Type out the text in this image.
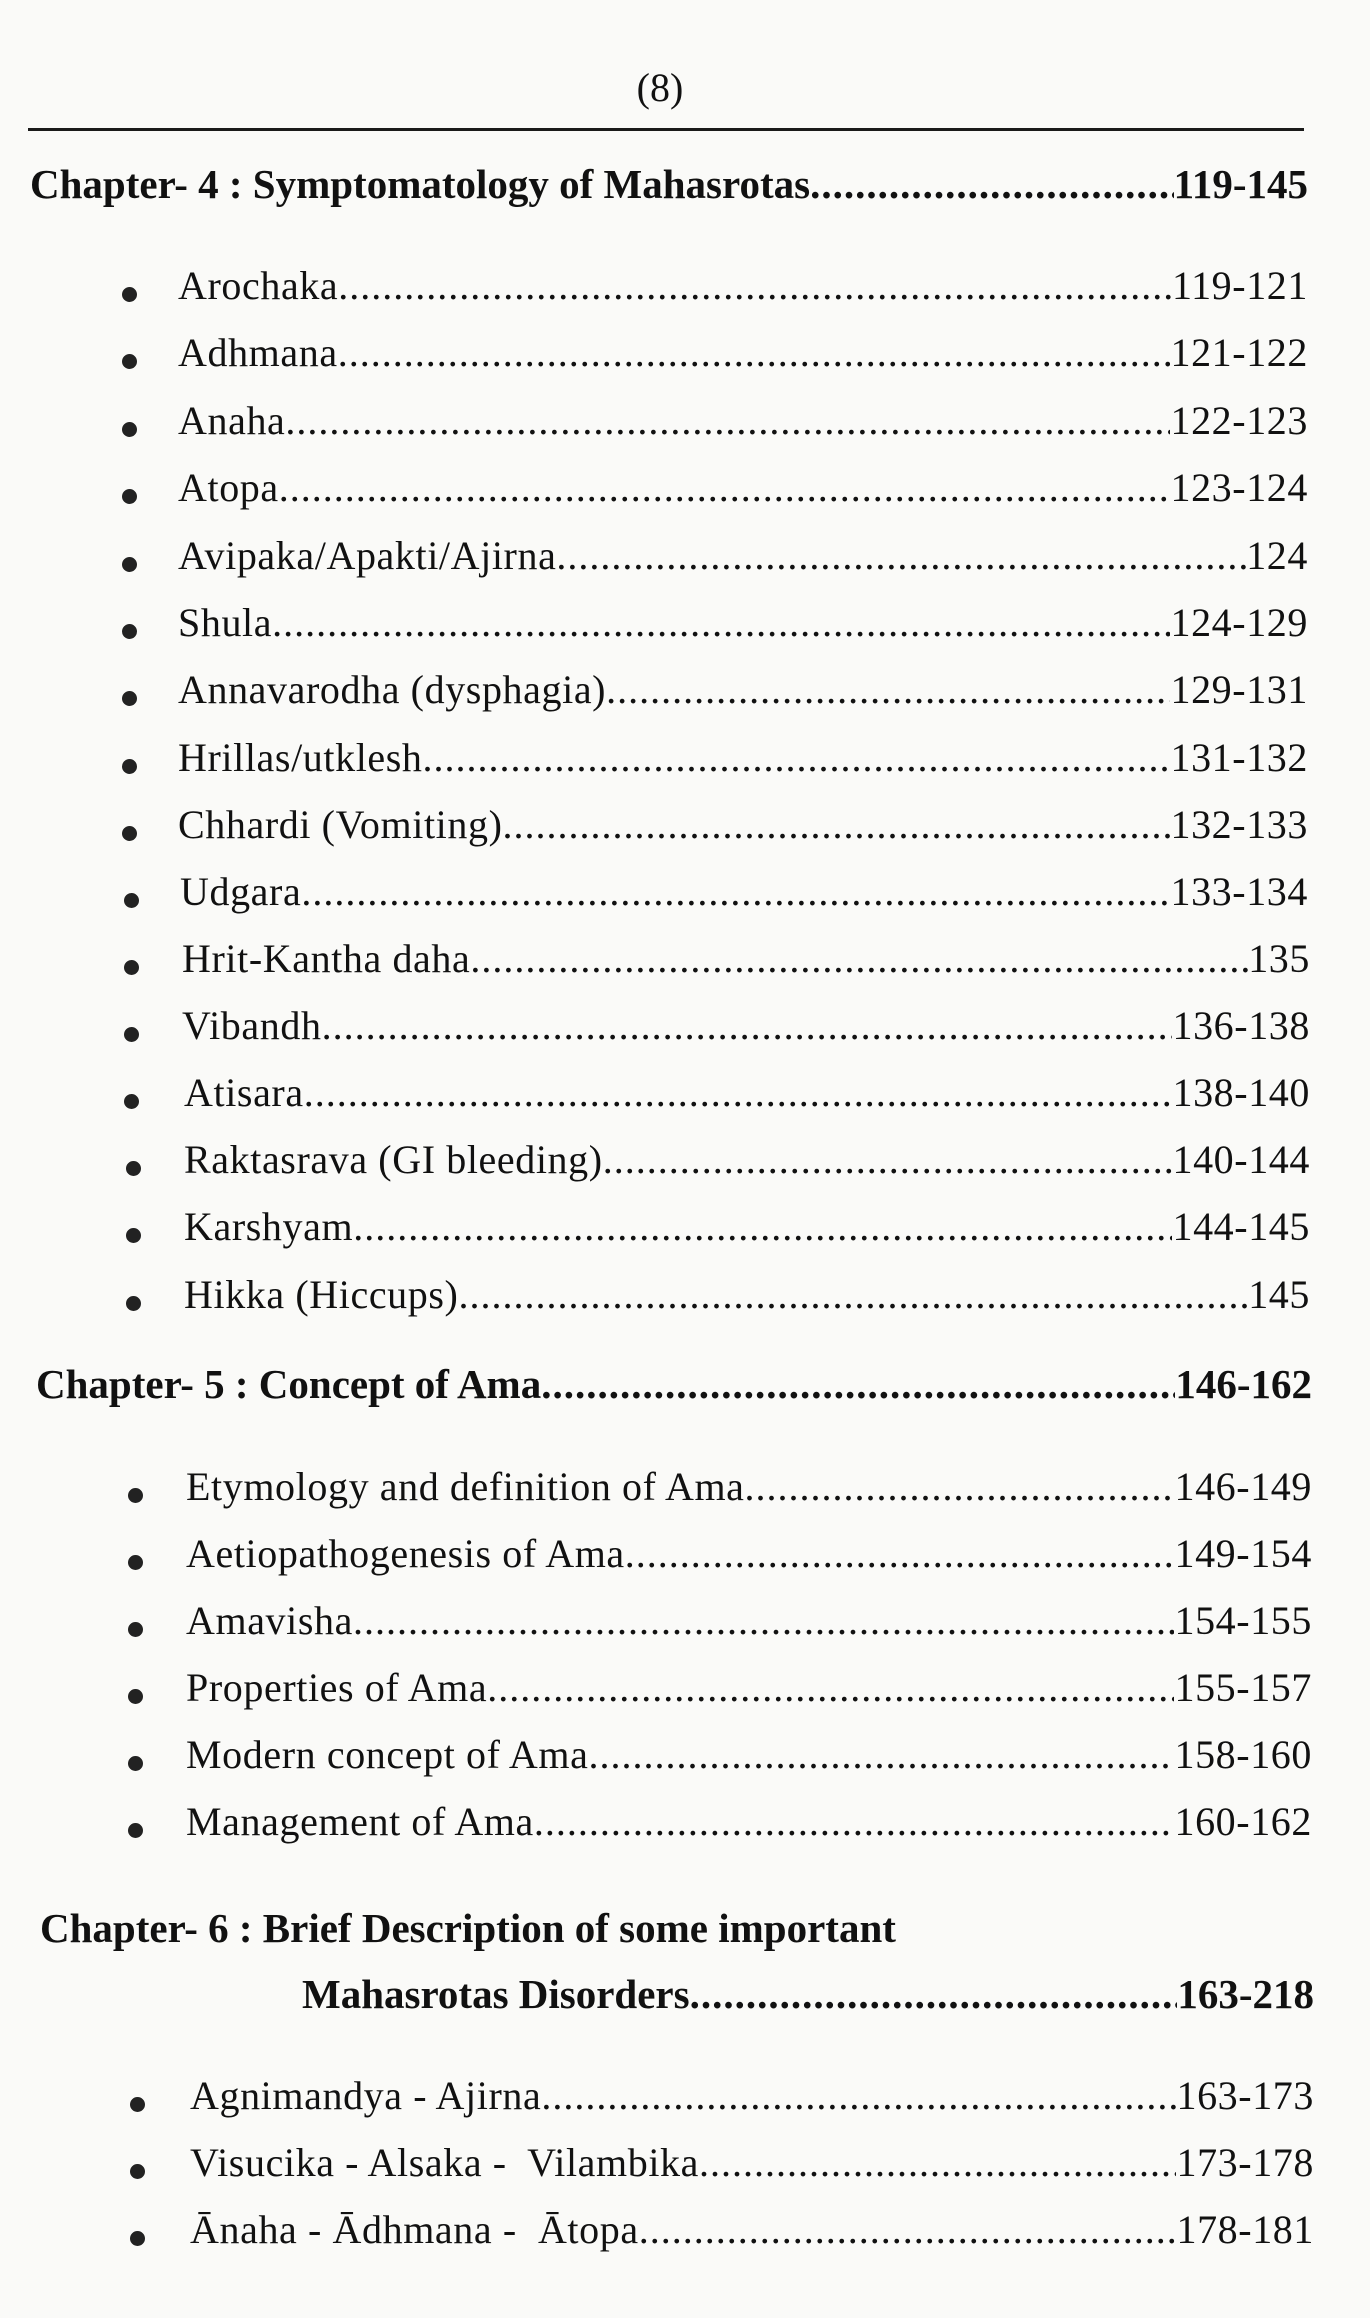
(8)
Chapter- 4 : Symptomatology of Mahasrotas .....	119-145
Arochaka .....	119-121
Adhmana .....	121-122
Anaha .....	122-123
Atopa .....	123-124
Avipaka/Apakti/Ajirna .....	124
Shula .....	124-129
Annavarodha (dysphagia) .....	129-131
Hrillas/utklesh .....	131-132
Chhardi (Vomiting) .....	132-133
Udgara .....	133-134
Hrit-Kantha daha .....	135
Vibandh .....	136-138
Atisara .....	138-140
Raktasrava (GI bleeding) .....	140-144
Karshyam .....	144-145
Hikka (Hiccups) .....	145
Chapter- 5 : Concept of Ama .....	146-162
Etymology and definition of Ama .....	146-149
Aetiopathogenesis of Ama .....	149-154
Amavisha .....	154-155
Properties of Ama .....	155-157
Modern concept of Ama .....	158-160
Management of Ama .....	160-162
Chapter- 6 : Brief Description of some important
Mahasrotas Disorders .....	163-218
Agnimandya - Ajirna .....	163-173
Visucika - Alsaka -  Vilambika .....	173-178
Ānaha - Ādhmana -  Ātopa .....	178-181
